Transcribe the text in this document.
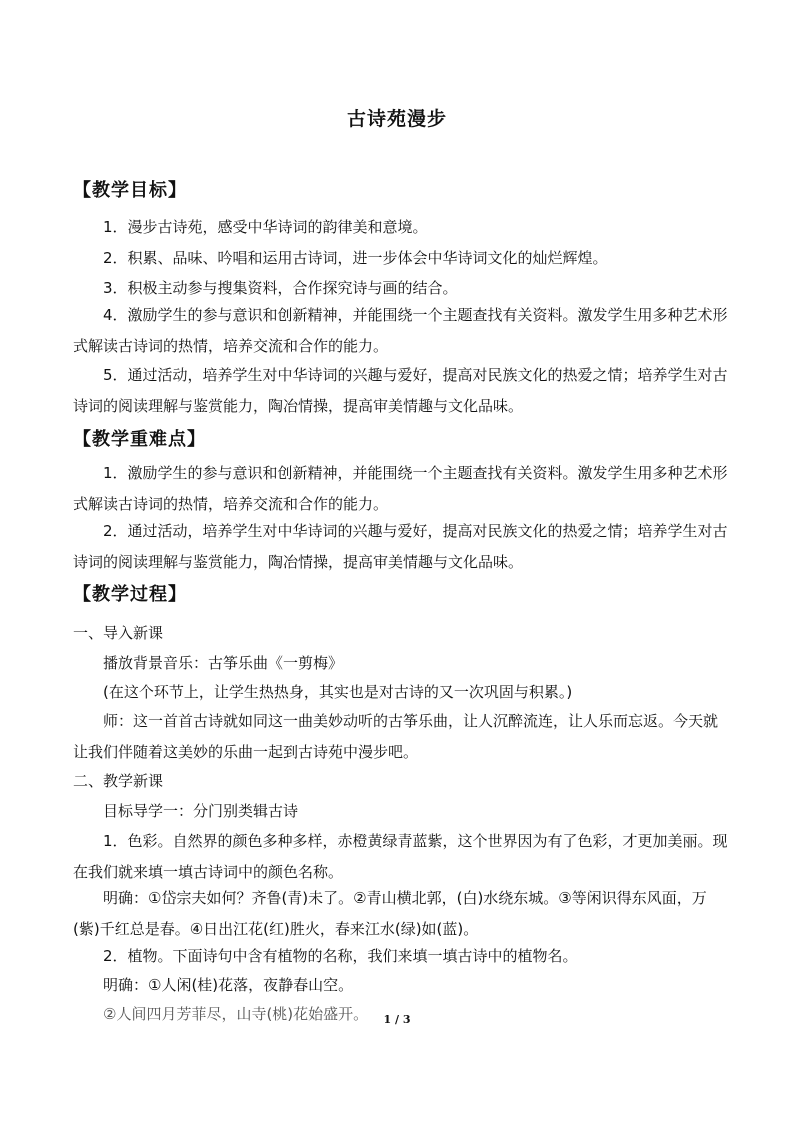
古诗苑漫步
【教学目标】
1．漫步古诗苑，感受中华诗词的韵律美和意境。
2．积累、品味、吟唱和运用古诗词，进一步体会中华诗词文化的灿烂辉煌。
3．积极主动参与搜集资料，合作探究诗与画的结合。
4．激励学生的参与意识和创新精神，并能围绕一个主题查找有关资料。激发学生用多种艺术形式解读古诗词的热情，培养交流和合作的能力。
5．通过活动，培养学生对中华诗词的兴趣与爱好，提高对民族文化的热爱之情；培养学生对古诗词的阅读理解与鉴赏能力，陶冶情操，提高审美情趣与文化品味。
【教学重难点】
1．激励学生的参与意识和创新精神，并能围绕一个主题查找有关资料。激发学生用多种艺术形式解读古诗词的热情，培养交流和合作的能力。
2．通过活动，培养学生对中华诗词的兴趣与爱好，提高对民族文化的热爱之情；培养学生对古诗词的阅读理解与鉴赏能力，陶冶情操，提高审美情趣与文化品味。
【教学过程】
一、导入新课
播放背景音乐：古筝乐曲《一剪梅》
(在这个环节上，让学生热热身，其实也是对古诗的又一次巩固与积累。)
师：这一首首古诗就如同这一曲美妙动听的古筝乐曲，让人沉醉流连，让人乐而忘返。今天就让我们伴随着这美妙的乐曲一起到古诗苑中漫步吧。
二、教学新课
目标导学一：分门别类辑古诗
1．色彩。自然界的颜色多种多样，赤橙黄绿青蓝紫，这个世界因为有了色彩，才更加美丽。现在我们就来填一填古诗词中的颜色名称。
明确：①岱宗夫如何？齐鲁(青)未了。②青山横北郭，(白)水绕东城。③等闲识得东风面，万(紫)千红总是春。④日出江花(红)胜火，春来江水(绿)如(蓝)。
2．植物。下面诗句中含有植物的名称，我们来填一填古诗中的植物名。
明确：①人闲(桂)花落，夜静春山空。
②人间四月芳菲尽，山寺(桃)花始盛开。	1 / 3
